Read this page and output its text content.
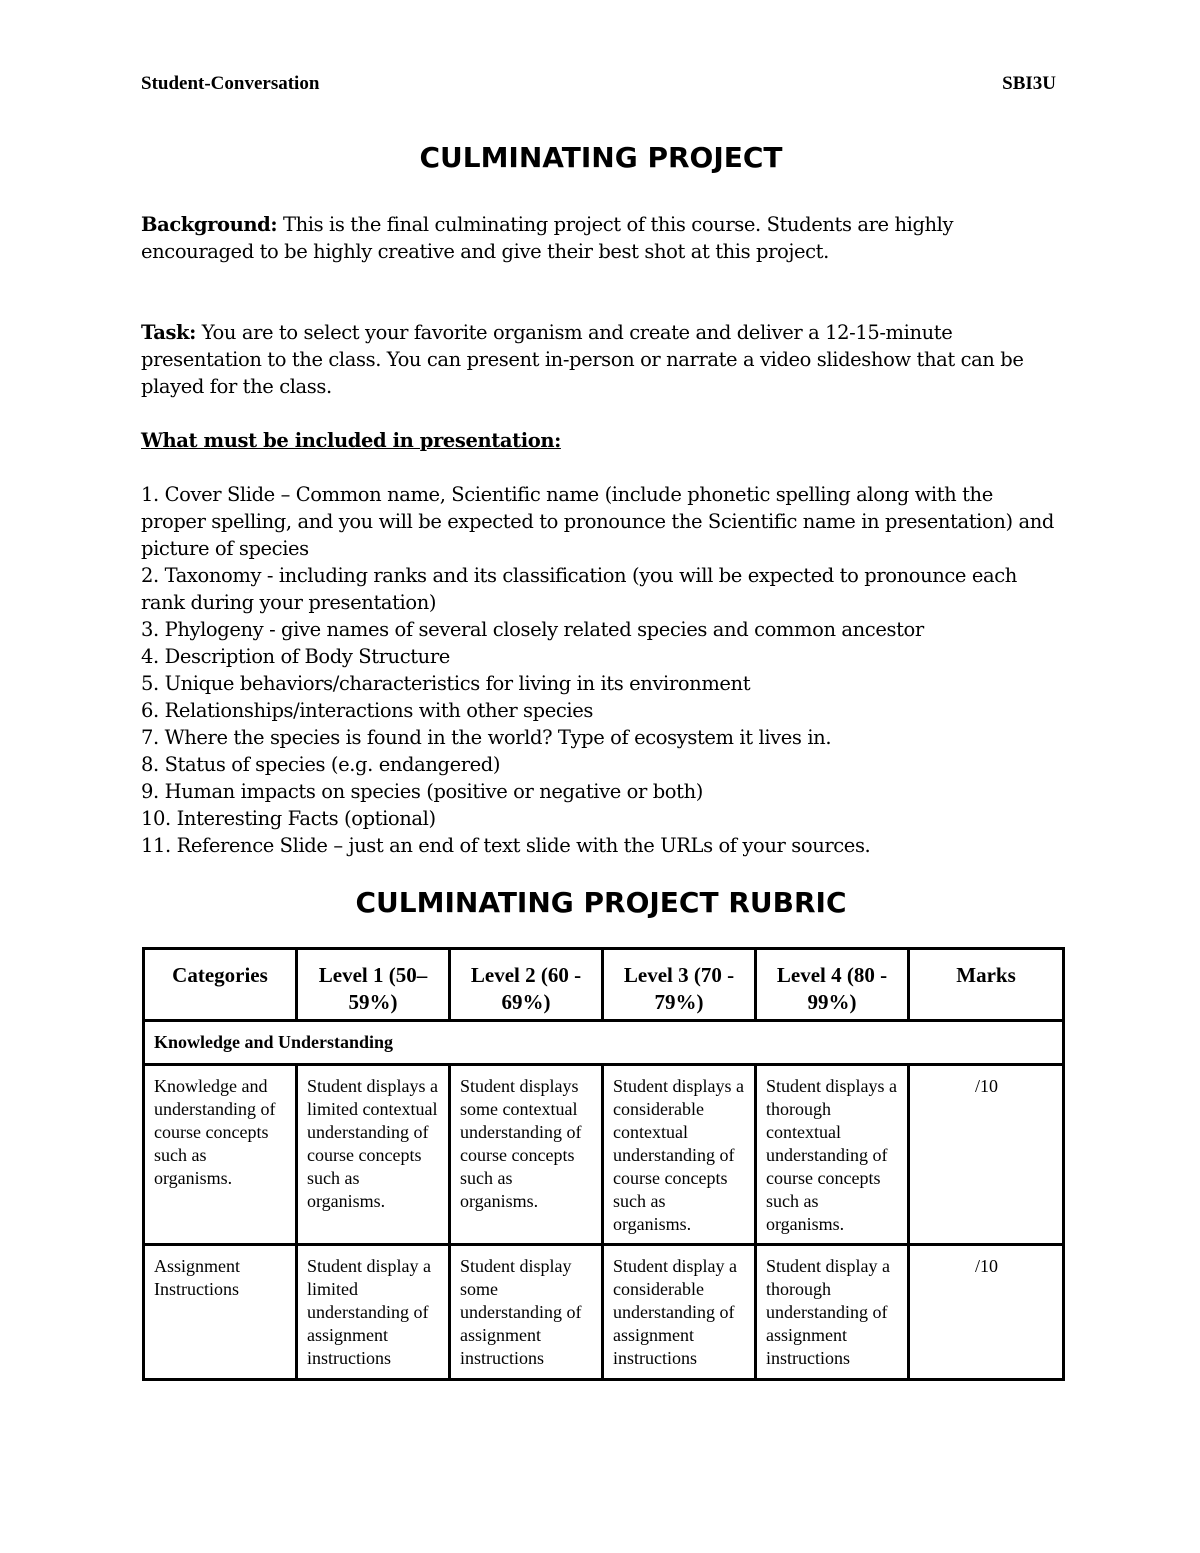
Student-Conversation	SBI3U
CULMINATING PROJECT
Background: This is the final culminating project of this course. Students are highly encouraged to be highly creative and give their best shot at this project.
Task: You are to select your favorite organism and create and deliver a 12-15-minute presentation to the class. You can present in-person or narrate a video slideshow that can be played for the class.
What must be included in presentation:
1. Cover Slide – Common name, Scientific name (include phonetic spelling along with the proper spelling, and you will be expected to pronounce the Scientific name in presentation) and picture of species
2. Taxonomy - including ranks and its classification (you will be expected to pronounce each rank during your presentation)
3. Phylogeny - give names of several closely related species and common ancestor
4. Description of Body Structure
5. Unique behaviors/characteristics for living in its environment
6. Relationships/interactions with other species
7. Where the species is found in the world? Type of ecosystem it lives in.
8. Status of species (e.g. endangered)
9. Human impacts on species (positive or negative or both)
10. Interesting Facts (optional)
11. Reference Slide – just an end of text slide with the URLs of your sources.
CULMINATING PROJECT RUBRIC
Categories	Level 1 (50–59%)	Level 2 (60 - 69%)	Level 3 (70 - 79%)	Level 4 (80 - 99%)	Marks
Knowledge and Understanding					
Knowledge and understanding of course concepts such as organisms.	Student displays a limited contextual understanding of course concepts such as organisms.	Student displays some contextual understanding of course concepts such as organisms.	Student displays a considerable contextual understanding of course concepts such as organisms.	Student displays a thorough contextual understanding of course concepts such as organisms.	/10
Assignment Instructions	Student display a limited understanding of assignment instructions	Student display some understanding of assignment instructions	Student display a considerable understanding of assignment instructions	Student display a thorough understanding of assignment instructions	/10
